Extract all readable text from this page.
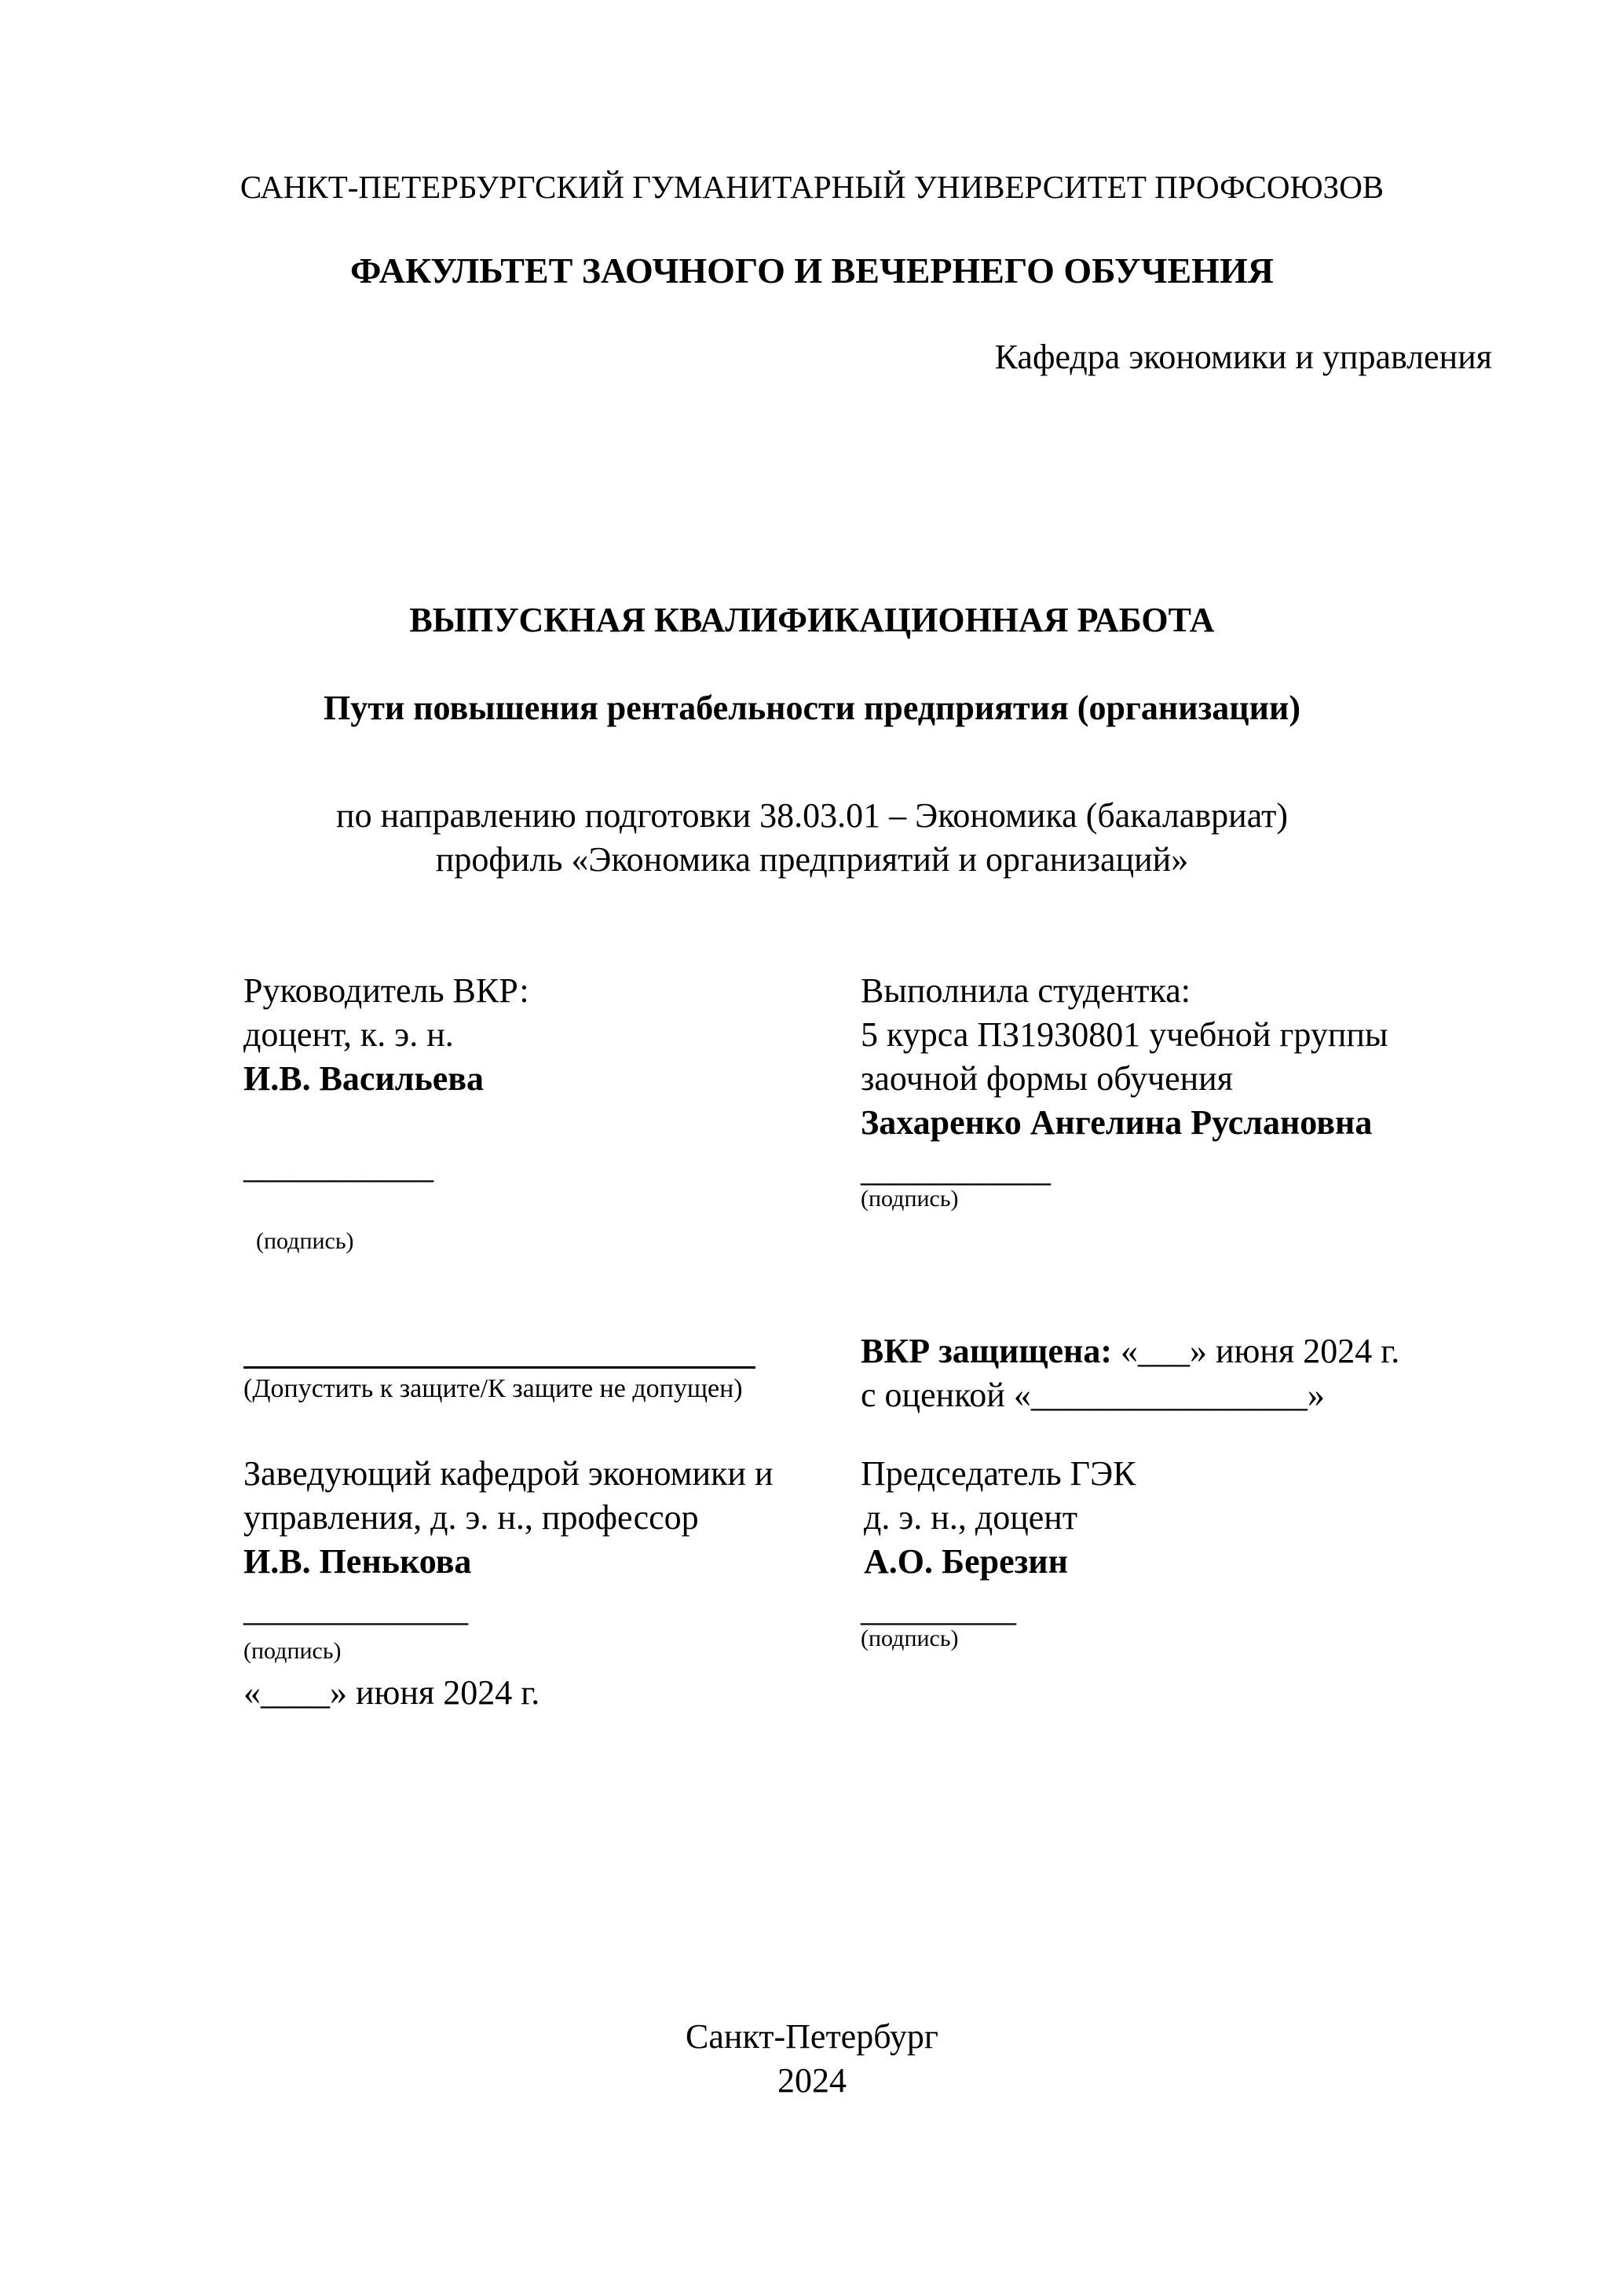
САНКТ-ПЕТЕРБУРГСКИЙ ГУМАНИТАРНЫЙ УНИВЕРСИТЕТ ПРОФСОЮЗОВ
ФАКУЛЬТЕТ ЗАОЧНОГО И ВЕЧЕРНЕГО ОБУЧЕНИЯ
Кафедра экономики и управления
ВЫПУСКНАЯ КВАЛИФИКАЦИОННАЯ РАБОТА
Пути повышения рентабельности предприятия (организации)
по направлению подготовки 38.03.01 – Экономика (бакалавриат)
профиль «Экономика предприятий и организаций»
Руководитель ВКР:
доцент, к. э. н.
И.В. Васильева
___________
(подпись)
Выполнила студентка:
5 курса ПЗ19З0801 учебной группы
заочной формы обучения
Захаренко Ангелина Руслановна
___________
(подпись)
(Допустить к защите/К защите не допущен)
ВКР защищена: «___» июня 2024 г.
с оценкой «________________»
Заведующий кафедрой экономики и
управления, д. э. н., профессор
И.В. Пенькова
_____________
(подпись)
«____» июня 2024 г.
Председатель ГЭК
д. э. н., доцент
А.О. Березин
_________
(подпись)
Санкт-Петербург
2024
